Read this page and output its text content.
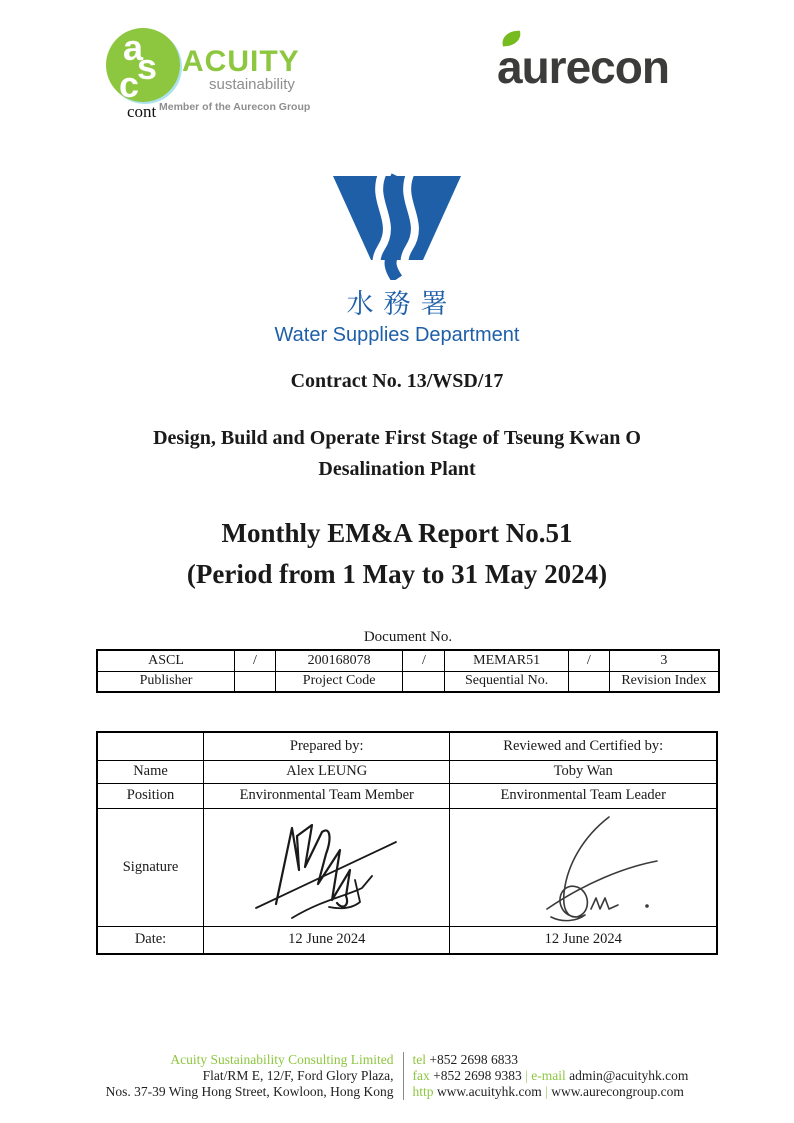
a
s
c
ACUITY
sustainability
Member of the Aurecon Group
cont
aurecon
水務署
Water Supplies Department
Contract No. 13/WSD/17
Design, Build and Operate First Stage of Tseung Kwan O
Desalination Plant
Monthly EM&A Report No.51
(Period from 1 May to 31 May 2024)
Document No.
ASCL	/	200168078	/	MEMAR51	/	3
Publisher		Project Code		Sequential No.		Revision Index
	Prepared by:	Reviewed and Certified by:
Name	Alex LEUNG	Toby Wan
Position	Environmental Team Member	Environmental Team Leader
Signature	

Date:	12 June 2024	12 June 2024
Acuity Sustainability Consulting Limited
Flat/RM E, 12/F, Ford Glory Plaza,
Nos. 37-39 Wing Hong Street, Kowloon, Hong Kong
tel +852 2698 6833
fax +852 2698 9383 | e-mail admin@acuityhk.com
http www.acuityhk.com | www.aurecongroup.com
